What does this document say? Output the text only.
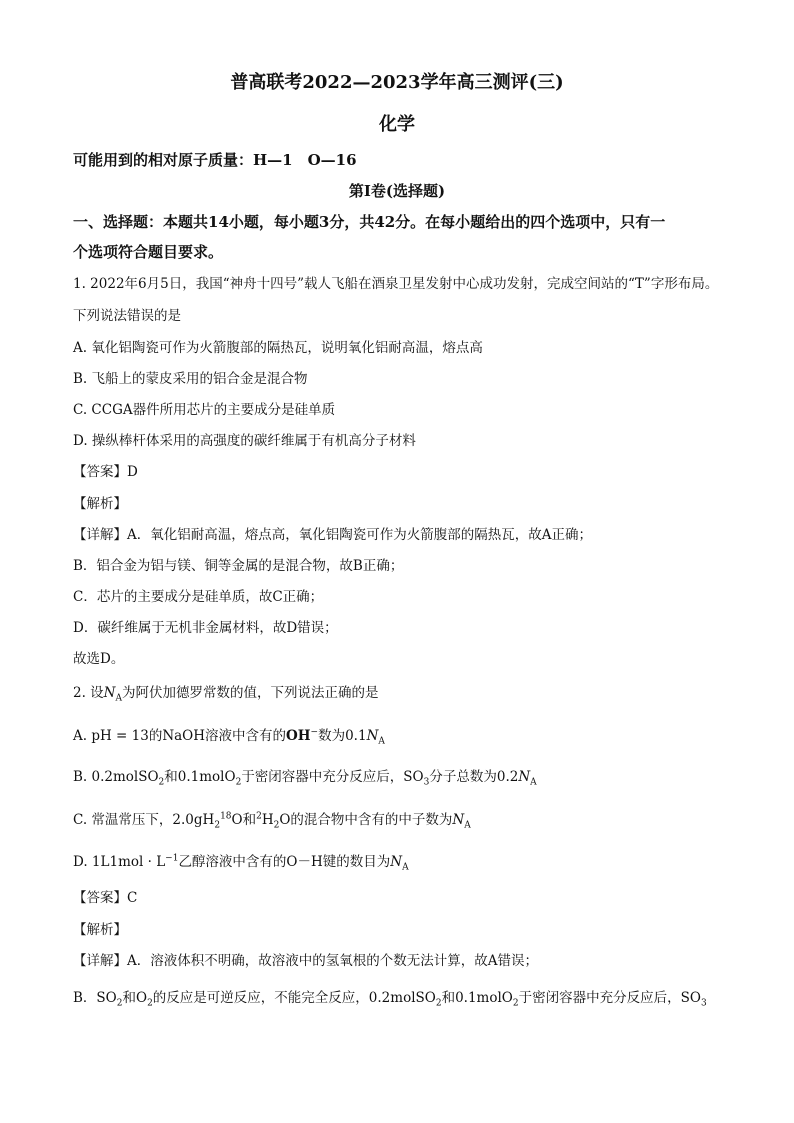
普高联考2022—2023学年高三测评(三)
化学
可能用到的相对原子质量：H—1　O—16
第Ⅰ卷(选择题)
一、选择题：本题共14小题，每小题3分，共42分。在每小题给出的四个选项中，只有一
个选项符合题目要求。
1. 2022年6月5日，我国“神舟十四号”载人飞船在酒泉卫星发射中心成功发射，完成空间站的“T”字形布局。
下列说法错误的是
A. 氧化铝陶瓷可作为火箭腹部的隔热瓦，说明氧化铝耐高温，熔点高
B. 飞船上的蒙皮采用的铝合金是混合物
C. CCGA器件所用芯片的主要成分是硅单质
D. 操纵棒杆体采用的高强度的碳纤维属于有机高分子材料
【答案】D
【解析】
【详解】A．氧化铝耐高温，熔点高，氧化铝陶瓷可作为火箭腹部的隔热瓦，故A正确；
B．铝合金为铝与镁、铜等金属的是混合物，故B正确；
C．芯片的主要成分是硅单质，故C正确；
D．碳纤维属于无机非金属材料，故D错误；
故选D。
2. 设$N_A$为阿伏加德罗常数的值，下列说法正确的是
A. pH = 13的NaOH溶液中含有的OH−数为$0.1N_A$
B. 0.2molSO$_2$和0.1molO$_2$于密闭容器中充分反应后，$SO_3$分子总数为$0.2N_A$
C. 常温常压下，$2.0gH_2^{18}O$和$^2H_2O$的混合物中含有的中子数为$N_A$
D. $1L1mol \cdot L^{-1}$乙醇溶液中含有的O－H键的数目为$N_A$
【答案】C
【解析】
【详解】A．溶液体积不明确，故溶液中的氢氧根的个数无法计算，故A错误；
B．$SO_2$和$O_2$的反应是可逆反应，不能完全反应，0.2molSO$_2$和0.1molO$_2$于密闭容器中充分反应后，$SO_3$
